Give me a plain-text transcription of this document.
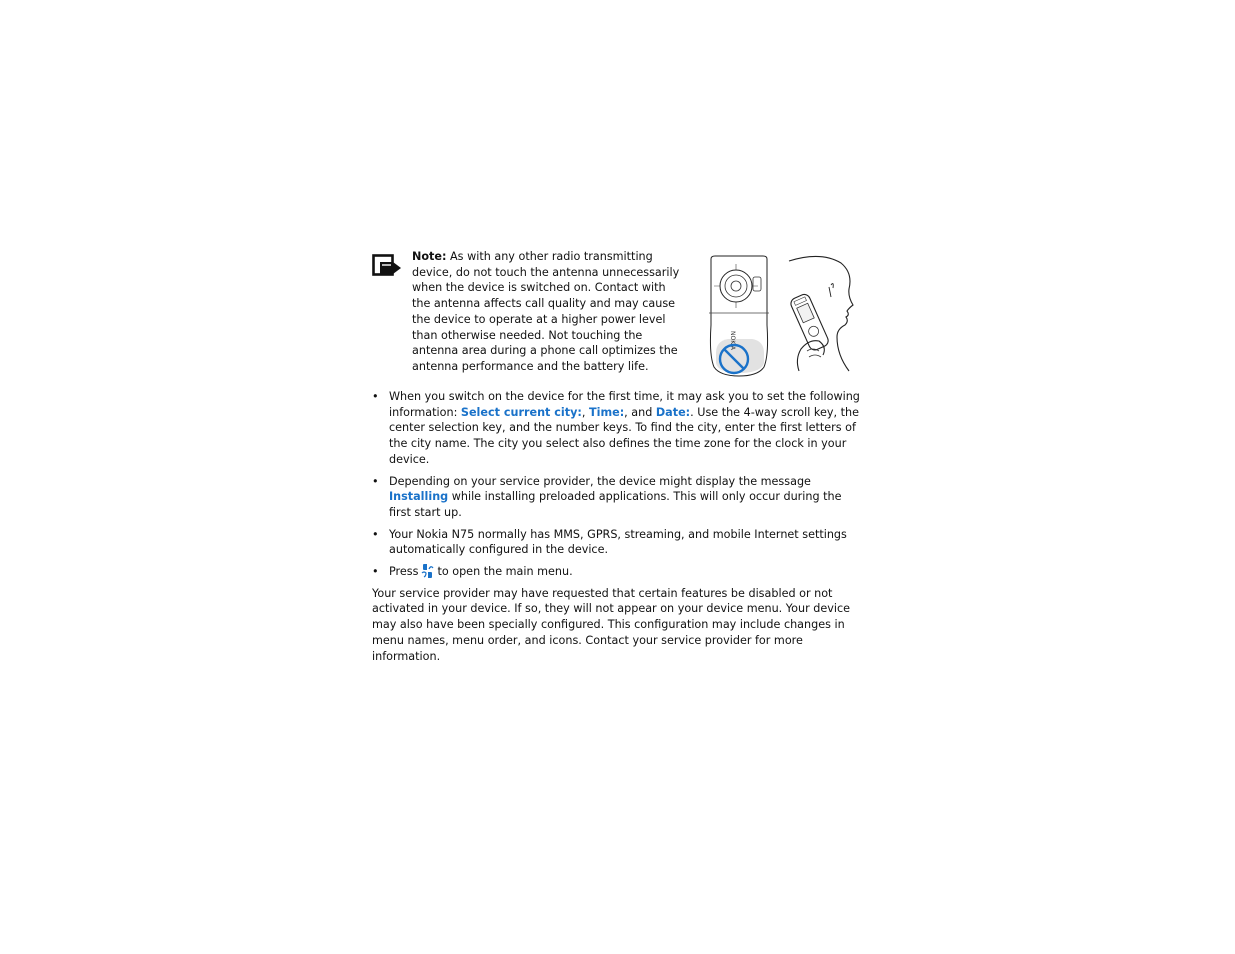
Note: As with any other radio transmitting device, do not touch the antenna unnecessarily when the device is switched on. Contact with the antenna affects call quality and may cause the device to operate at a higher power level than otherwise needed. Not touching the antenna area during a phone call optimizes the antenna performance and the battery life.
NOKIA
• When you switch on the device for the first time, it may ask you to set the following information: Select current city:, Time:, and Date:. Use the 4-way scroll key, the center selection key, and the number keys. To find the city, enter the first letters of the city name. The city you select also defines the time zone for the clock in your device.
• Depending on your service provider, the device might display the message Installing while installing preloaded applications. This will only occur during the first start up.
• Your Nokia N75 normally has MMS, GPRS, streaming, and mobile Internet settings automatically configured in the device.
• Press to open the main menu.

Your service provider may have requested that certain features be disabled or not activated in your device. If so, they will not appear on your device menu. Your device may also have been specially configured. This configuration may include changes in menu names, menu order, and icons. Contact your service provider for more information.
